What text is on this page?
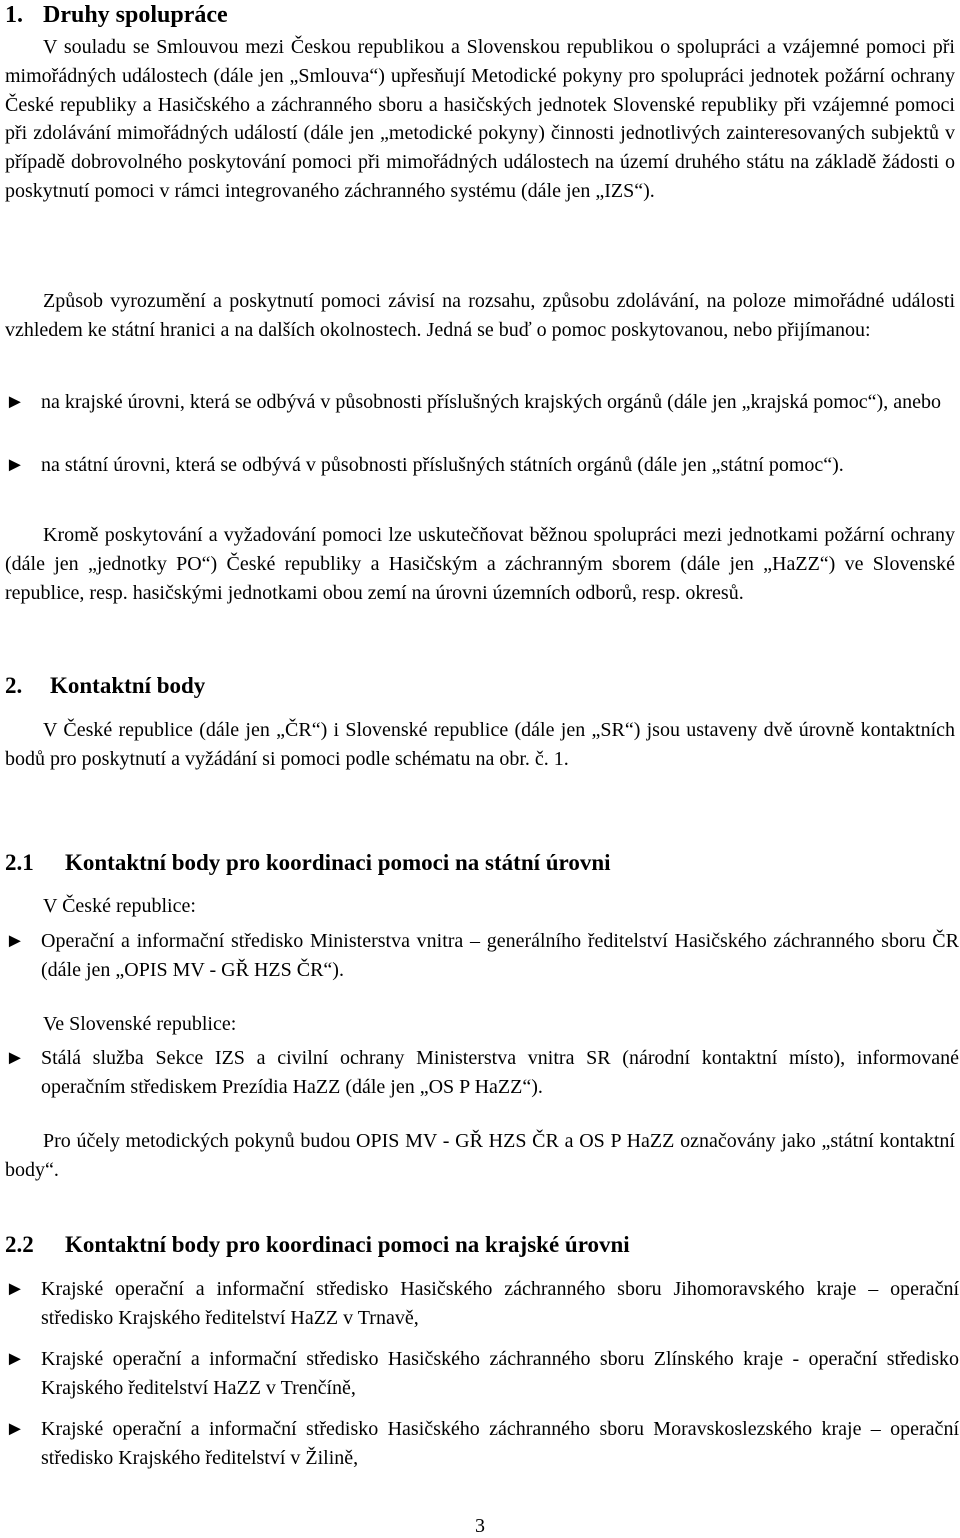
1. Druhy spolupráce
V souladu se Smlouvou mezi Českou republikou a Slovenskou republikou o spolupráci a vzájemné pomoci při mimořádných událostech (dále jen „Smlouva“) upřesňují Metodické pokyny pro spolupráci jednotek požární ochrany České republiky a Hasičského a záchranného sboru a hasičských jednotek Slovenské republiky při vzájemné pomoci při zdolávání mimořádných událostí (dále jen „metodické pokyny) činnosti jednotlivých zainteresovaných subjektů v případě dobrovolného poskytování pomoci při mimořádných událostech na území druhého státu na základě žádosti o poskytnutí pomoci v rámci integrovaného záchranného systému (dále jen „IZS“).
Způsob vyrozumění a poskytnutí pomoci závisí na rozsahu, způsobu zdolávání, na poloze mimořádné události vzhledem ke státní hranici a na dalších okolnostech. Jedná se buď o pomoc poskytovanou, nebo přijímanou:
► na krajské úrovni, která se odbývá v působnosti příslušných krajských orgánů (dále jen „krajská pomoc“), anebo
► na státní úrovni, která se odbývá v působnosti příslušných státních orgánů (dále jen „státní pomoc“).
Kromě poskytování a vyžadování pomoci lze uskutečňovat běžnou spolupráci mezi jednotkami požární ochrany (dále jen „jednotky PO“) České republiky a Hasičským a záchranným sborem (dále jen „HaZZ“) ve Slovenské republice, resp. hasičskými jednotkami obou zemí na úrovni územních odborů, resp. okresů.
2. Kontaktní body
V České republice (dále jen „ČR“) i Slovenské republice (dále jen „SR“) jsou ustaveny dvě úrovně kontaktních bodů pro poskytnutí a vyžádání si pomoci podle schématu na obr. č. 1.
2.1 Kontaktní body pro koordinaci pomoci na státní úrovni
V České republice:
► Operační a informační středisko Ministerstva vnitra – generálního ředitelství Hasičského záchranného sboru ČR (dále jen „OPIS MV - GŘ HZS ČR“).
Ve Slovenské republice:
► Stálá služba Sekce IZS a civilní ochrany Ministerstva vnitra SR (národní kontaktní místo), informované operačním střediskem Prezídia HaZZ (dále jen „OS P HaZZ“).
Pro účely metodických pokynů budou OPIS MV - GŘ HZS ČR a OS P HaZZ označovány jako „státní kontaktní body“.
2.2 Kontaktní body pro koordinaci pomoci na krajské úrovni
► Krajské operační a informační středisko Hasičského záchranného sboru Jihomoravského kraje – operační středisko Krajského ředitelství HaZZ v Trnavě,
► Krajské operační a informační středisko Hasičského záchranného sboru Zlínského kraje - operační středisko Krajského ředitelství HaZZ v Trenčíně,
► Krajské operační a informační středisko Hasičského záchranného sboru Moravskoslezského kraje – operační středisko Krajského ředitelství v Žilině,
3
